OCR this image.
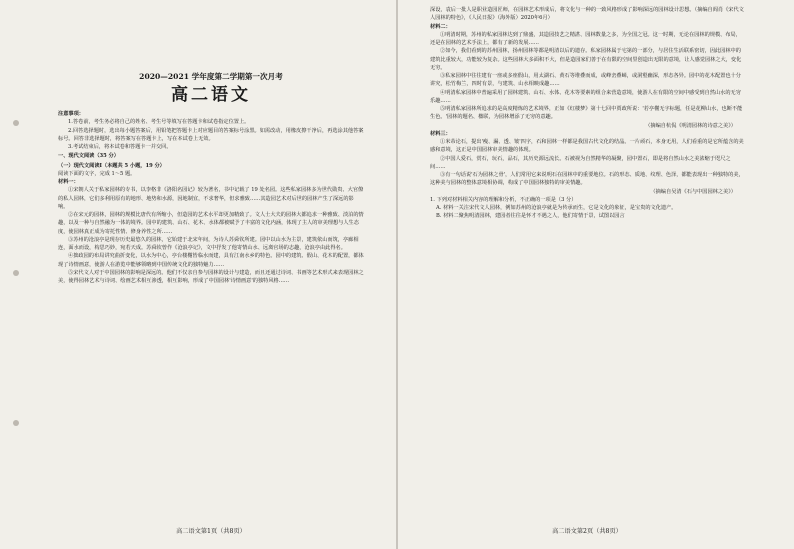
2020—2021 学年度第二学期第一次月考
高二语文
注意事项：

1.答卷前，考生务必将自己的姓名、考生号等填写在答题卡和试卷指定位置上。

2.回答选择题时，选出每小题答案后，用铅笔把答题卡上对应题目的答案标号涂黑。如需改动，用橡皮擦干净后，再选涂其他答案标号。回答非选择题时，将答案写在答题卡上，写在本试卷上无效。

3.考试结束后，将本试卷和答题卡一并交回。

一、现代文阅读（35 分）
（一）现代文阅读Ⅰ（本题共 5 小题，19 分）

阅读下面的文字，完成 1～5 题。

材料一：

①宋朝人关于私家园林的专书，以李格非《洛阳名园记》较为著名，书中记载了 19 处名园。这些私家园林多为世代勋贵、大官僚的私人园林，它们多利用原有的地形、地势和水源，因地制宜，不求奢华，但求雅致……其造园艺术对后世的园林产生了深远的影响。

②在宋元的园林，园林的规模比唐代有所缩小，但造园的艺术水平却更加精致了。文人士大夫的园林大都追求一种雅致、淡泊的情趣，以及一种与自然融为一体的境界。园中的建筑、山石、花木、水体都被赋予了丰富的文化内涵，体现了主人的审美理想与人生态度，使园林真正成为寄托性情、修身养性之所……

③苏州的沧浪亭是现存历史最悠久的园林，它始建于北宋年间，为诗人苏舜钦所建。园中以山水为主景，建筑依山而筑，亭廊相连，面水而设，构思巧妙，宛若天成。苏舜钦曾作《沧浪亭记》，文中抒发了他寄情山水、远离官场的志趣，沧浪亭由此得名。

④拙政园的布局讲究曲折变化，以水为中心，亭台楼榭皆临水而建，具有江南水乡的特色。园中的建筑、假山、花木的配置，都体现了诗情画意，使游人在游览中能够领略到中国传统文化的独特魅力……

⑤宋代文人对于中国园林的影响是深远的。他们不仅亲自参与园林的设计与建造，而且还通过诗词、书画等艺术形式来表现园林之美，使得园林艺术与诗词、绘画艺术相互渗透，相互影响，形成了中国园林'诗情画意'的独特风格……

高二语文第1页（共8页）

深设，袁后一批人是职业造园匠师，在园林艺术形成后，将文化与一种的一致风格形成了影响深远的园林设计思想。（摘编自阎肖《宋代文人园林的特色》，《人民日报》（海外版）2020年6月）

材料二：

①明清时期，苏州的私家园林达到了鼎盛，其造园技艺之精湛、园林数量之多，为全国之冠。这一时期，无论在园林的规模、布局，还是在园林的艺术手法上，都有了新的发展……

②如今，我们看到的苏州园林，扬州园林等都是明清以后的遗存。私家园林属于宅第的一部分，与居住生活联系密切，因此园林中的建筑比重较大，功能较为复杂。这些园林大多面积不大，但是造园家们善于在有限的空间里创造出无限的意境，让人感觉园林之大，变化无穷。

③私家园林中往往建有一座或多座假山，用太湖石、黄石等堆叠而成，或峰峦叠嶂，或洞壑幽深，形态各异。园中的花木配置也十分讲究，松竹梅兰，四时有景，与建筑、山水相映成趣……

④明清私家园林中普遍采用了园林建筑、山石、水体、花木等要素的组合来营造意境，使游人在有限的空间中感受到自然山水的无穷乐趣……

⑤明清私家园林所追求的是高度精炼的艺术境界，正如《红楼梦》第十七回中贾政所说：'若亭榭无字标题，任是花柳山水，也断不能生色。'园林的题名、楹联，为园林增添了无穷的意趣。

（摘编自杭侃《明清园林的诗意之美》）

材料三：

①米芾论石，提出'瘦、漏、透、皱'四字，石和园林一样都是我国古代文化的结晶。一片顽石，本身无用，人们看重的是它所蕴含的美感和意境，这正是中国园林审美情趣的体现。

②中国人爱石，赏石，玩石，品石，其历史源远流长。石被视为自然精华的凝聚，园中置石，即是将自然山水之美浓缩于咫尺之间……

③有一句话说'石为园林之骨'，人们常用它来说明石在园林中的重要地位。石的形态、质地、纹理、色泽，都能表现出一种独特的美，这种美与园林的整体意境相协调，构成了中国园林独特的审美情趣。

（摘编自吴清《石与中国园林之美》）

1. 下列对材料相关内容的理解和分析，不正确的一项是（3 分）

A. 材料一关注宋代文人园林，例如苏州的沧浪亭就是为传承而生，它是文化的象征，是宝贵的文化遗产。

B. 材料二聚焦明清园林，建园者往往是怀才不遇之人，他们寄情于景，试图以园言

高二语文第2页（共8页）
